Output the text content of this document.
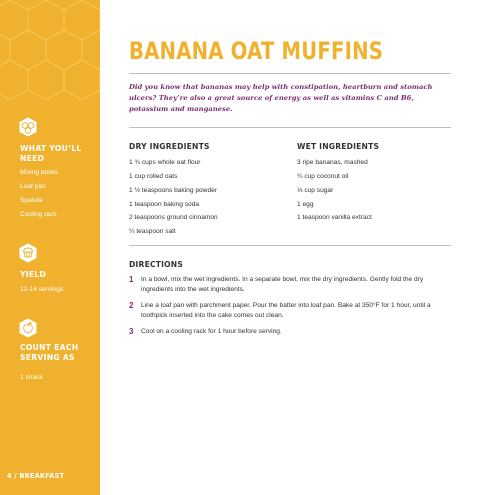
WHAT YOU’LL NEED
Mixing bowls
Loaf pan
Spatula
Cooling rack
YIELD
12-14 servings
COUNT EACH SERVING AS
1 snack
4 / BREAKFAST
BANANA OAT MUFFINS
Did you know that bananas may help with constipation, heartburn and stomach ulcers? They’re also a great source of energy as well as vitamins C and B6, potassium and manganese.
DRY INGREDIENTS
1 ¾ cups whole oat flour
1 cup rolled oats
1 ½ teaspoons baking powder
1 teaspoon baking soda
2 teaspoons ground cinnamon
¼ teaspoon salt
WET INGREDIENTS
3 ripe bananas, mashed
¼ cup coconut oil
⅓ cup sugar
1 egg
1 teaspoon vanilla extract
DIRECTIONS
1 In a bowl, mix the wet ingredients. In a separate bowl, mix the dry ingredients. Gently fold the dry ingredients into the wet ingredients.
2 Line a loaf pan with parchment paper. Pour the batter into loaf pan. Bake at 350°F for 1 hour, until a toothpick inserted into the cake comes out clean.
3 Cool on a cooling rack for 1 hour before serving.
